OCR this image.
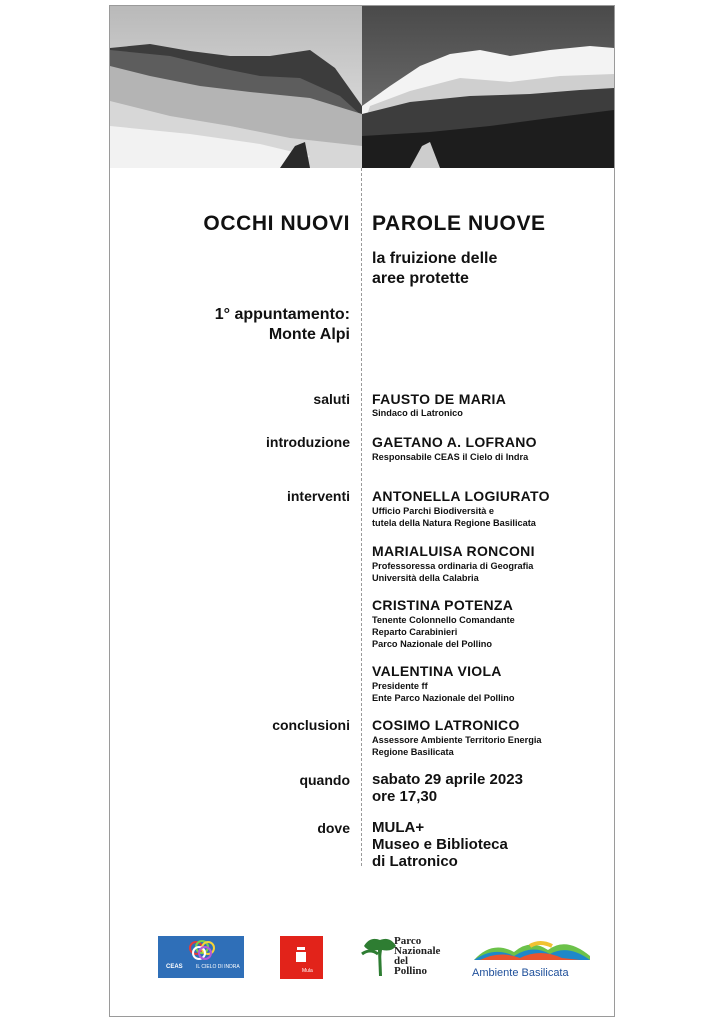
OCCHI NUOVI PAROLE NUOVE
la fruizione delle
aree protette
1° appuntamento:
Monte Alpi
saluti FAUSTO DE MARIA
Sindaco di Latronico
introduzione GAETANO A. LOFRANO
Responsabile CEAS il Cielo di Indra
interventi ANTONELLA LOGIURATO
Ufficio Parchi Biodiversità e
tutela della Natura Regione Basilicata
MARIALUISA RONCONI
Professoressa ordinaria di Geografia
Università della Calabria
CRISTINA POTENZA
Tenente Colonnello Comandante
Reparto Carabinieri
Parco Nazionale del Pollino
VALENTINA VIOLA
Presidente ff
Ente Parco Nazionale del Pollino
conclusioni COSIMO LATRONICO
Assessore Ambiente Territorio Energia
Regione Basilicata
quando sabato 29 aprile 2023
ore 17,30
dove MULA+
Museo e Biblioteca
di Latronico
CEAS	IL CIELO DI INDRA
Mula
Parco
Nazionale
del
Pollino	Ambiente Basilicata
